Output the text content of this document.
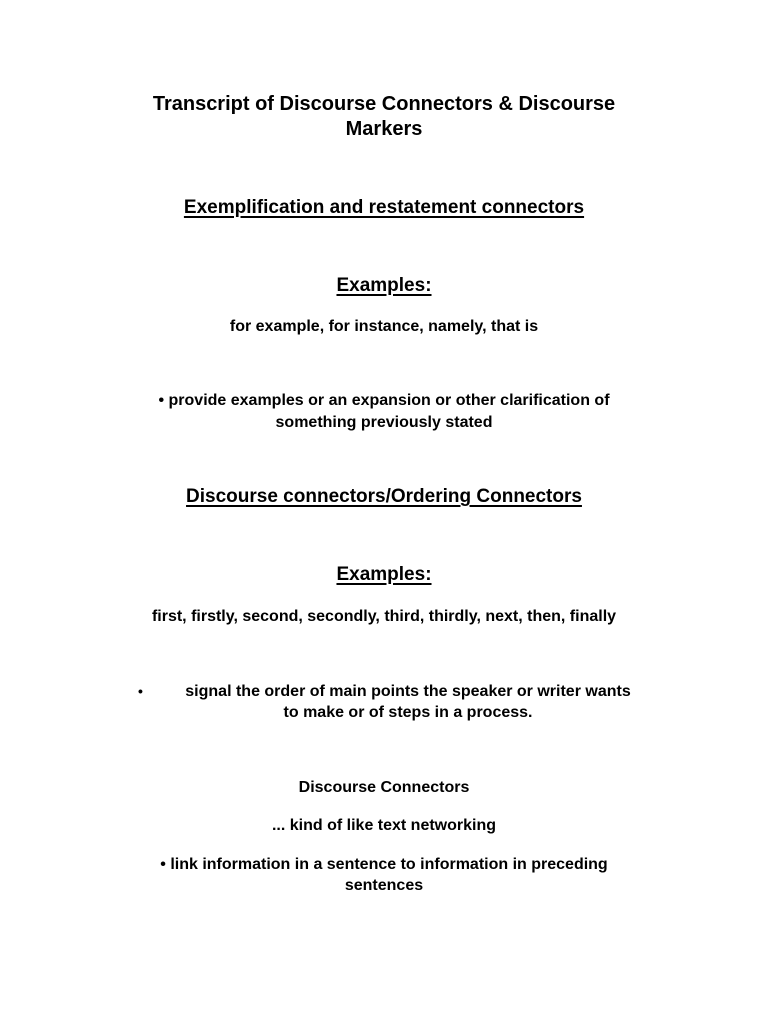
Transcript of Discourse Connectors & Discourse
Markers
Exemplification and restatement connectors
Examples:
for example, for instance, namely, that is
• provide examples or an expansion or other clarification of
something previously stated
Discourse connectors/Ordering Connectors
Examples:
first, firstly, second, secondly, third, thirdly, next, then, finally
•	signal the order of main points the speaker or writer wants
to make or of steps in a process.
Discourse Connectors
... kind of like text networking
• link information in a sentence to information in preceding
sentences
